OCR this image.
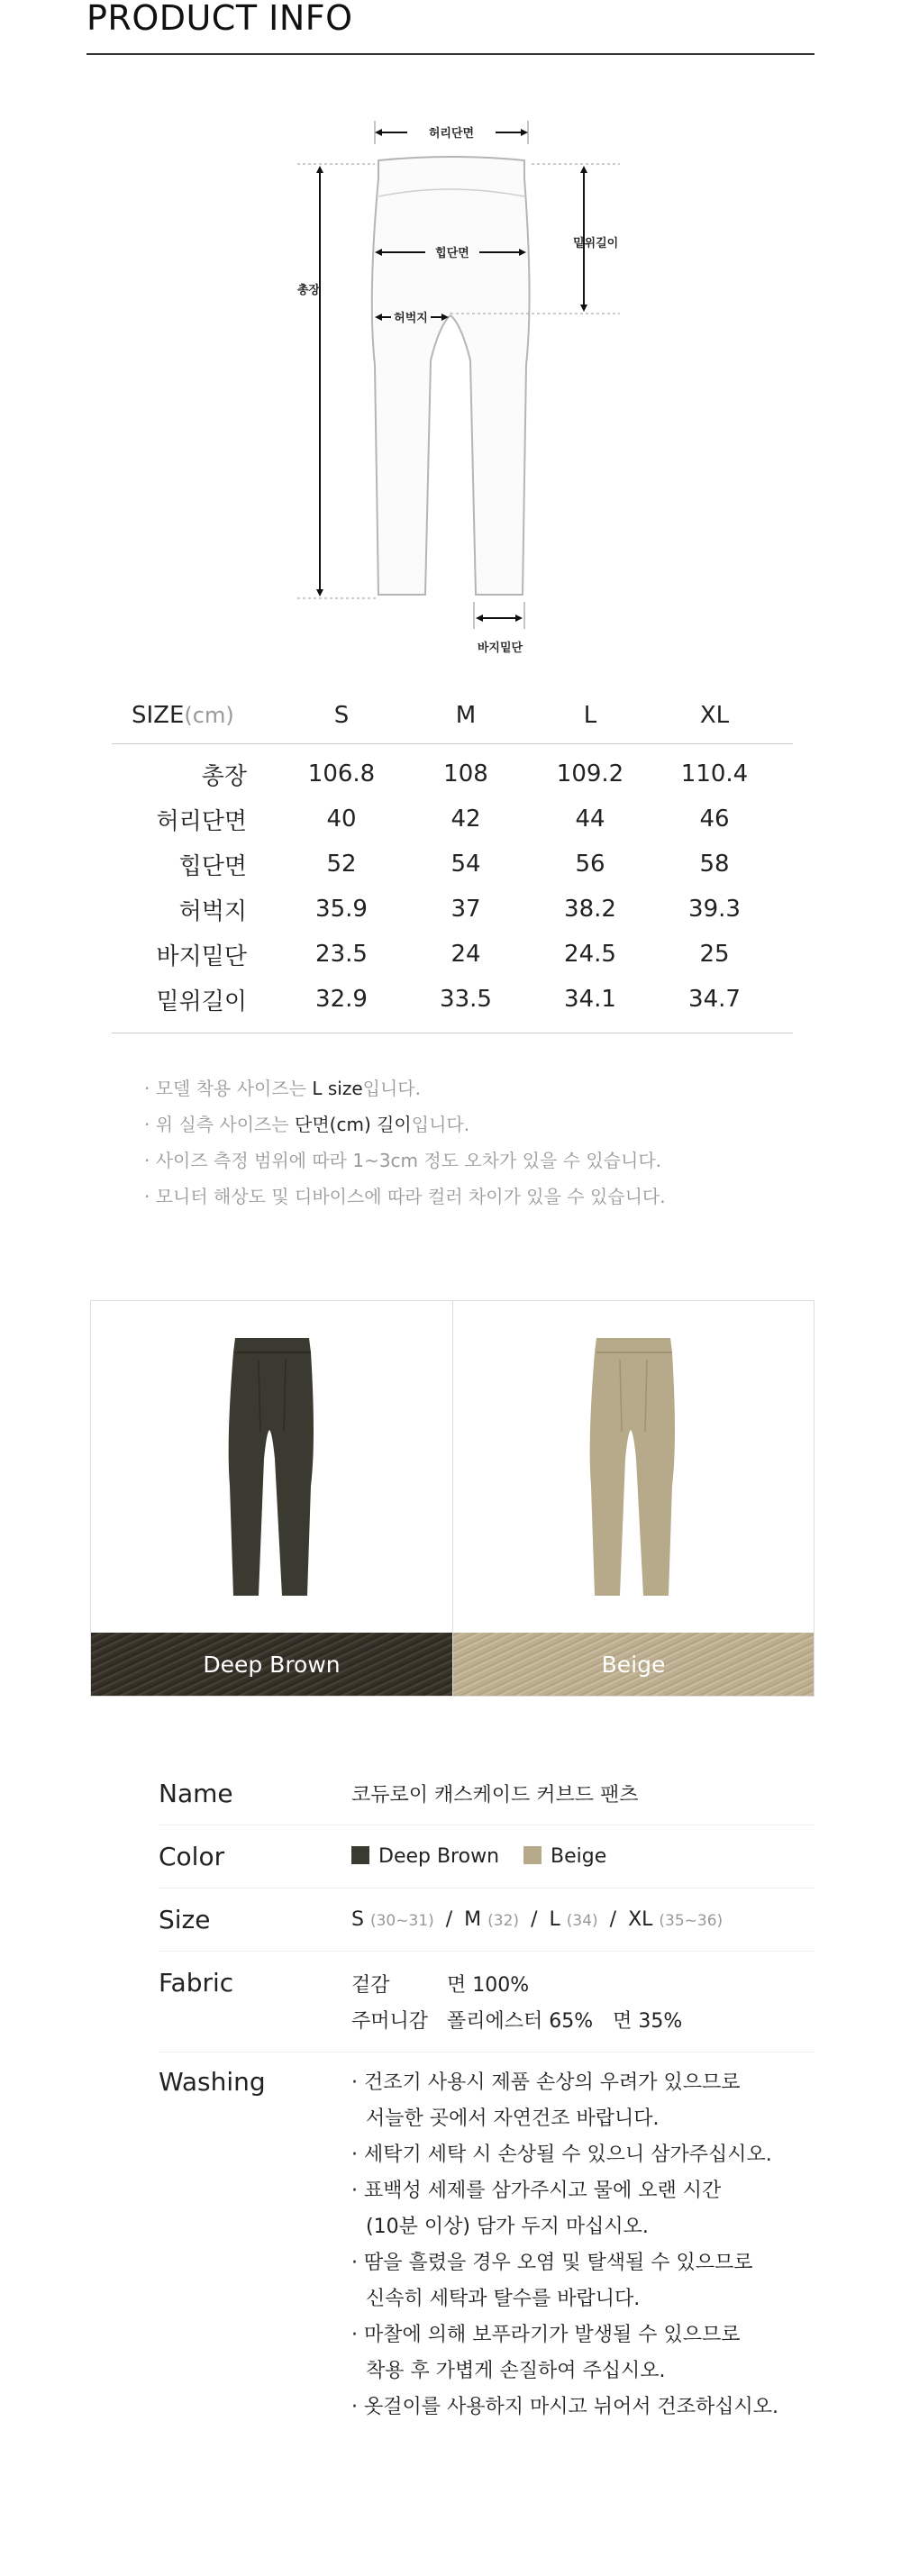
PRODUCT INFO
허리단면
힙단면
밑위길이
총장
허벅지
바지밑단
SIZE(cm)	S	M	L	XL
총장	106.8	108	109.2	110.4
허리단면	40	42	44	46
힙단면	52	54	56	58
허벅지	35.9	37	38.2	39.3
바지밑단	23.5	24	24.5	25
밑위길이	32.9	33.5	34.1	34.7
· 모델 착용 사이즈는 L size입니다.
· 위 실측 사이즈는 단면(cm) 길이입니다.
· 사이즈 측정 범위에 따라 1~3cm 정도 오차가 있을 수 있습니다.
· 모니터 해상도 및 디바이스에 따라 컬러 차이가 있을 수 있습니다.
Deep Brown	Beige
Name	코듀로이 캐스케이드 커브드 팬츠
Color	Deep Brown	Beige
Size	S (30~31) / M (32) / L (34) / XL (35~36)
Fabric	겉감	면 100%
주머니감 폴리에스터 65% 면 35%
Washing	· 건조기 사용시 제품 손상의 우려가 있으므로
서늘한 곳에서 자연건조 바랍니다.
· 세탁기 세탁 시 손상될 수 있으니 삼가주십시오.
· 표백성 세제를 삼가주시고 물에 오랜 시간
(10분 이상) 담가 두지 마십시오.
· 땀을 흘렸을 경우 오염 및 탈색될 수 있으므로
신속히 세탁과 탈수를 바랍니다.
· 마찰에 의해 보푸라기가 발생될 수 있으므로
착용 후 가볍게 손질하여 주십시오.
· 옷걸이를 사용하지 마시고 뉘어서 건조하십시오.
